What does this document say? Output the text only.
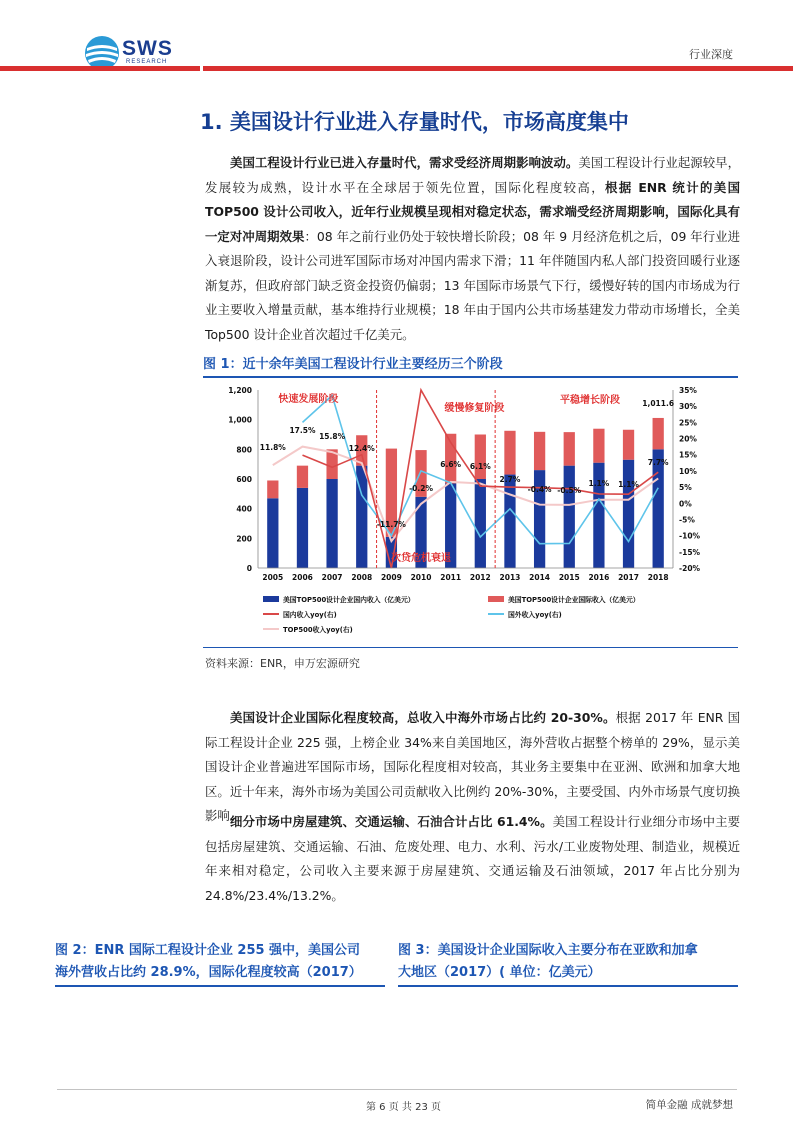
SWS
RESEARCH
行业深度
1. 美国设计行业进入存量时代，市场高度集中
美国工程设计行业已进入存量时代，需求受经济周期影响波动。美国工程设计行业起源较早，发展较为成熟，设计水平在全球居于领先位置，国际化程度较高，根据 ENR 统计的美国 TOP500 设计公司收入，近年行业规模呈现相对稳定状态，需求端受经济周期影响，国际化具有一定对冲周期效果：08 年之前行业仍处于较快增长阶段；08 年 9 月经济危机之后，09 年行业进入衰退阶段，设计公司进军国际市场对冲国内需求下滑；11 年伴随国内私人部门投资回暖行业逐渐复苏，但政府部门缺乏资金投资仍偏弱；13 年国际市场景气下行，缓慢好转的国内市场成为行业主要收入增量贡献，基本维持行业规模；18 年由于国内公共市场基建发力带动市场增长，全美 Top500 设计企业首次超过千亿美元。
图 1：近十余年美国工程设计行业主要经历三个阶段
0
200
400
600
800
1,000
1,200
-20%
-15%
-10%
-5%
0%
5%
10%
15%
20%
25%
30%
35%
2005 2006 2007 2008 2009 2010 2011 2012 2013 2014 2015 2016 2017 2018
11.8%
17.5%
15.8%
12.4%
-11.7%
-0.2%
6.6% 6.1%
2.7%
-0.4% -0.5%
1.1% 1.1%
7.7%
1,011.6
快速发展阶段
缓慢修复阶段
平稳增长阶段
次贷危机衰退
美国TOP500设计企业国内收入（亿美元）	美国TOP500设计企业国际收入（亿美元）
国内收入yoy(右)	国外收入yoy(右)
TOP500收入yoy(右)
资料来源：ENR，申万宏源研究
美国设计企业国际化程度较高，总收入中海外市场占比约 20-30%。根据 2017 年 ENR 国际工程设计企业 225 强，上榜企业 34%来自美国地区，海外营收占据整个榜单的 29%，显示美国设计企业普遍进军国际市场，国际化程度相对较高，其业务主要集中在亚洲、欧洲和加拿大地区。近十年来，海外市场为美国公司贡献收入比例约 20%-30%，主要受国、内外市场景气度切换影响。
细分市场中房屋建筑、交通运输、石油合计占比 61.4%。美国工程设计行业细分市场中主要包括房屋建筑、交通运输、石油、危废处理、电力、水利、污水/工业废物处理、制造业，规模近年来相对稳定，公司收入主要来源于房屋建筑、交通运输及石油领域，2017 年占比分别为 24.8%/23.4%/13.2%。
图 2：ENR 国际工程设计企业 255 强中，美国公司
海外营收占比约 28.9%，国际化程度较高（2017）
图 3：美国设计企业国际收入主要分布在亚欧和加拿
大地区（2017）( 单位：亿美元）
第 6 页 共 23 页	简单金融 成就梦想
